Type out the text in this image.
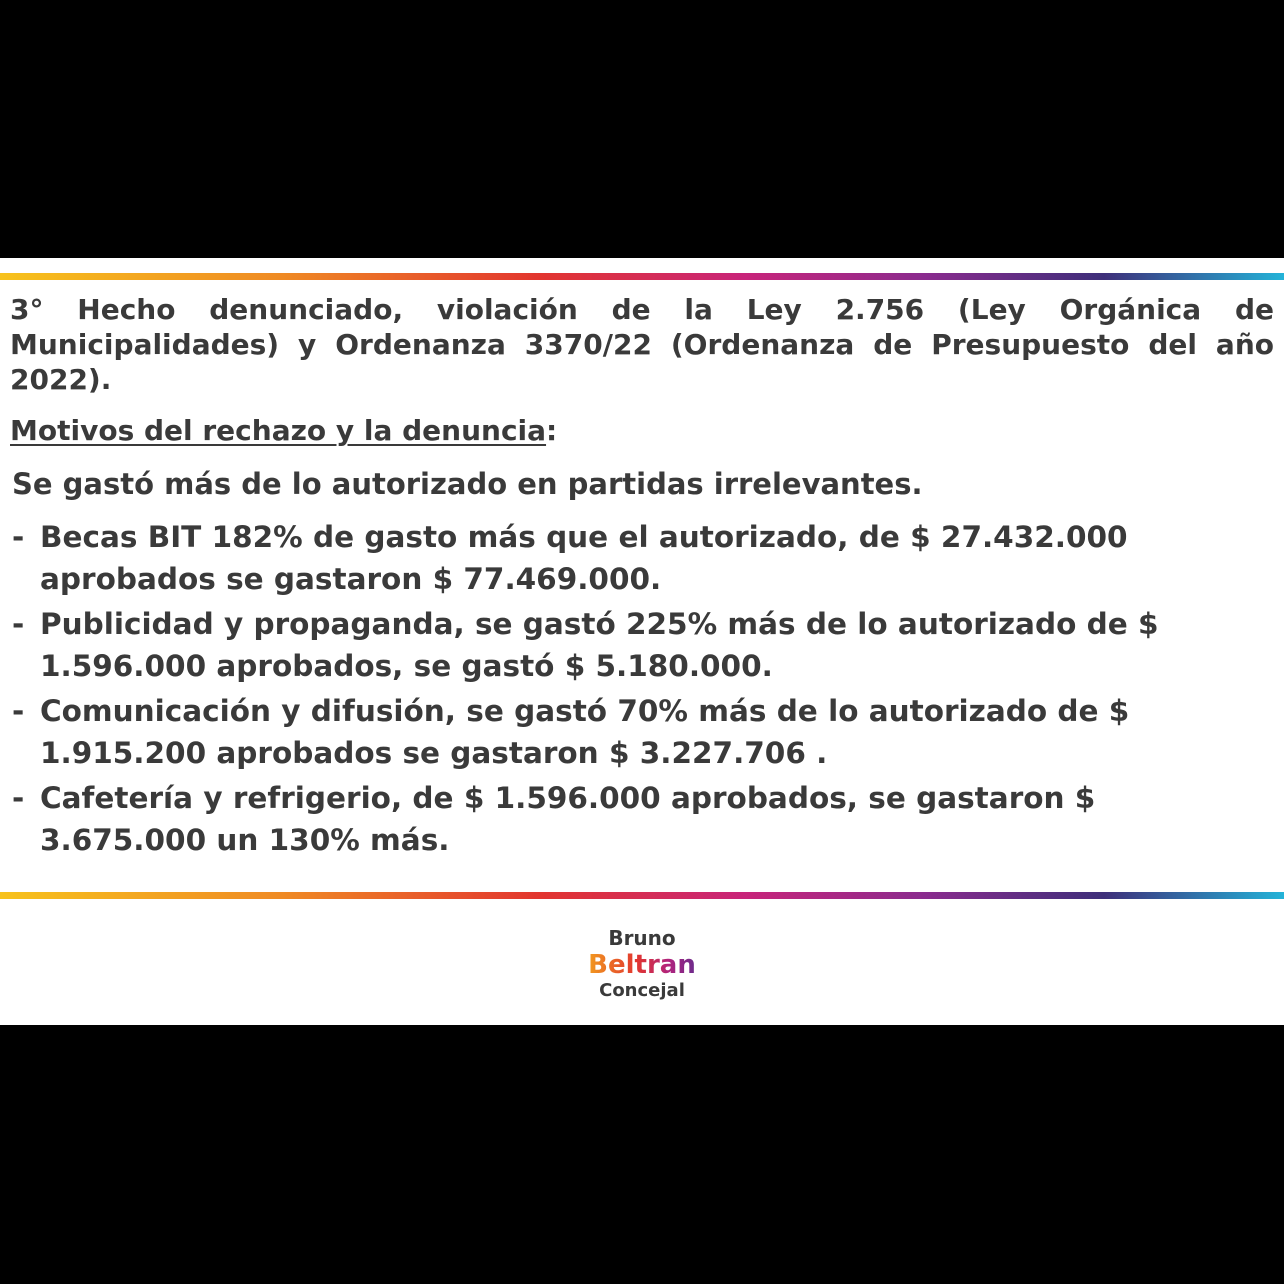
3° Hecho denunciado, violación de la Ley 2.756 (Ley Orgánica de Municipalidades) y Ordenanza 3370/22 (Ordenanza de Presupuesto del año 2022).

Motivos del rechazo y la denuncia:

Se gastó más de lo autorizado en partidas irrelevantes.

- Becas BIT 182% de gasto más que el autorizado, de $ 27.432.000 aprobados se gastaron $ 77.469.000.
- Publicidad y propaganda, se gastó 225% más de lo autorizado de $ 1.596.000 aprobados, se gastó $ 5.180.000.
- Comunicación y difusión, se gastó 70% más de lo autorizado de $ 1.915.200 aprobados se gastaron $ 3.227.706 .
- Cafetería y refrigerio, de $ 1.596.000 aprobados, se gastaron $ 3.675.000 un 130% más.
Bruno
Beltran
Concejal
